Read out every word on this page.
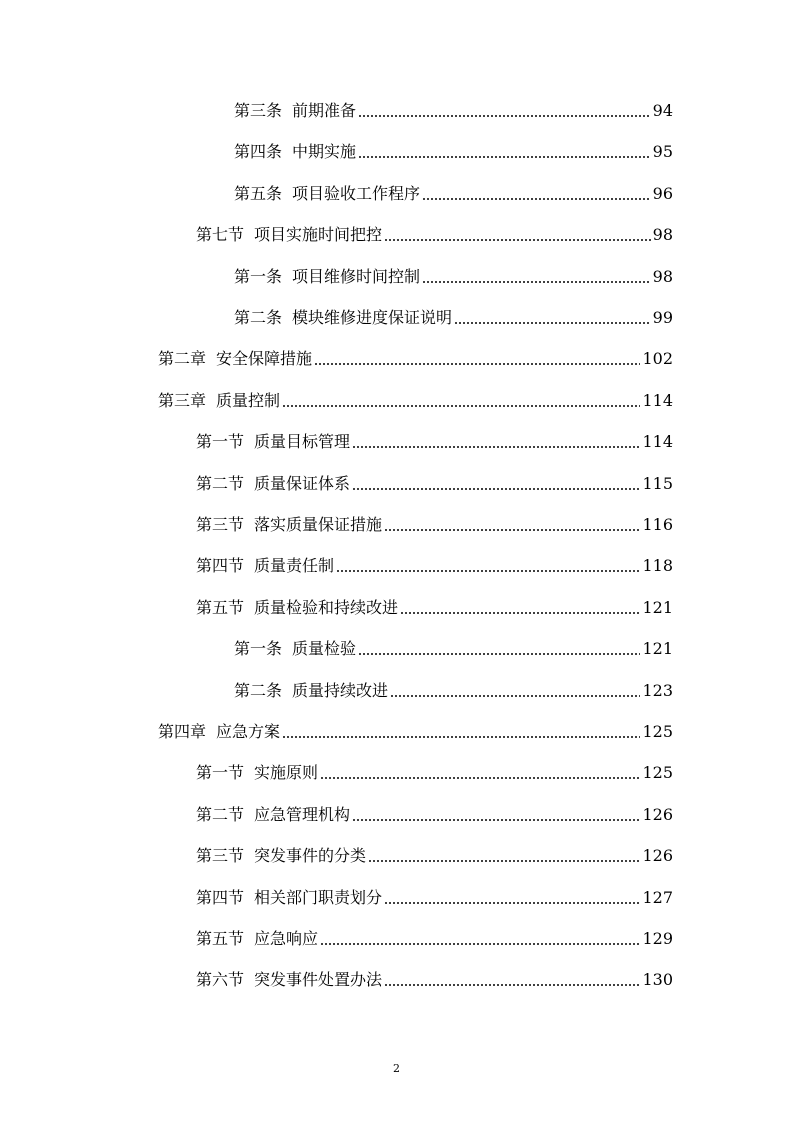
第三条 前期准备	94
第四条 中期实施	95
第五条 项目验收工作程序	96
第七节 项目实施时间把控	98
第一条 项目维修时间控制	98
第二条 模块维修进度保证说明	99
第二章 安全保障措施	102
第三章 质量控制	114
第一节 质量目标管理	114
第二节 质量保证体系	115
第三节 落实质量保证措施	116
第四节 质量责任制	118
第五节 质量检验和持续改进	121
第一条 质量检验	121
第二条 质量持续改进	123
第四章 应急方案	125
第一节 实施原则	125
第二节 应急管理机构	126
第三节 突发事件的分类	126
第四节 相关部门职责划分	127
第五节 应急响应	129
第六节 突发事件处置办法	130
2
